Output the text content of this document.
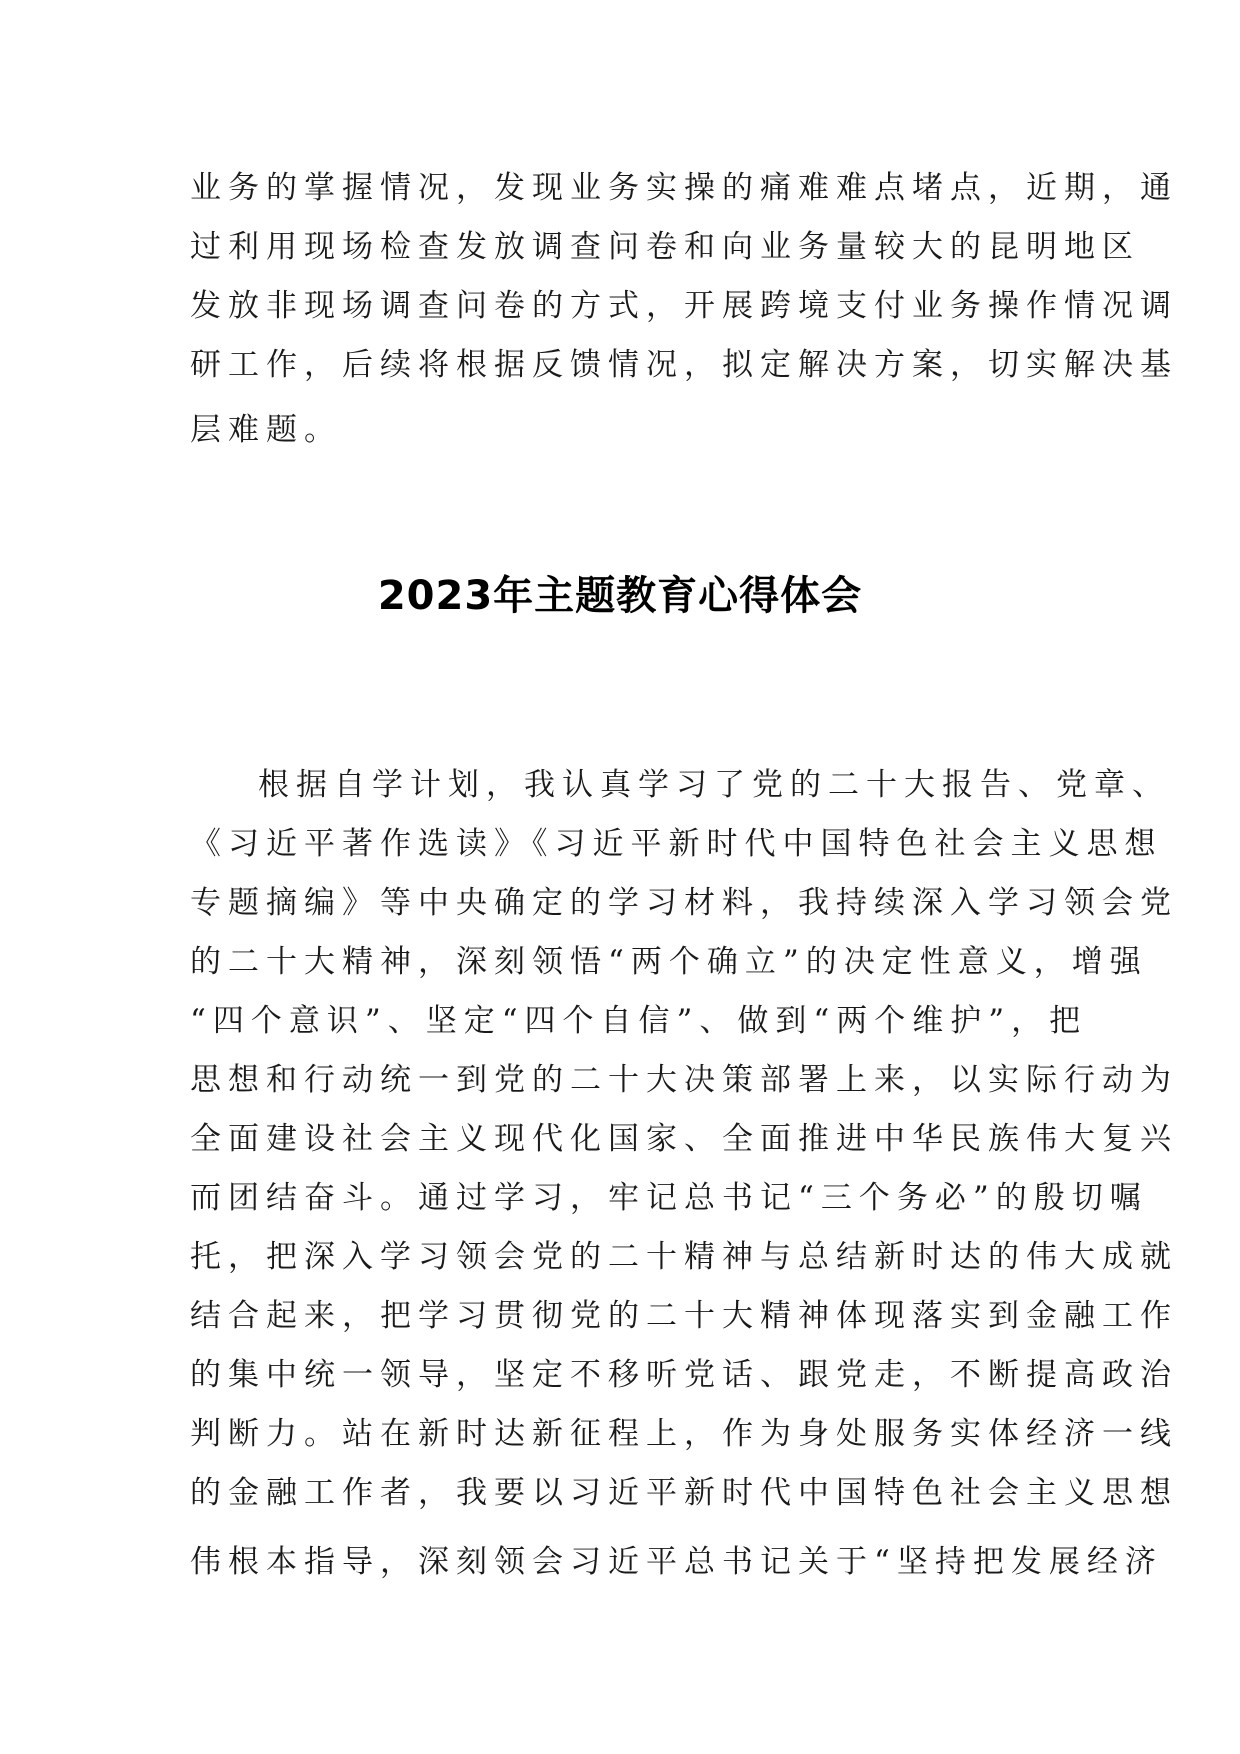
业务的掌握情况，发现业务实操的痛难难点堵点，近期，通
过利用现场检查发放调查问卷和向业务量较大的昆明地区
发放非现场调查问卷的方式，开展跨境支付业务操作情况调
研工作，后续将根据反馈情况，拟定解决方案，切实解决基
层难题。
2023年主题教育心得体会
根据自学计划，我认真学习了党的二十大报告、党章、
《习近平著作选读》《习近平新时代中国特色社会主义思想
专题摘编》等中央确定的学习材料，我持续深入学习领会党
的二十大精神，深刻领悟“两个确立”的决定性意义，增强
“四个意识”、坚定“四个自信”、做到“两个维护”，把
思想和行动统一到党的二十大决策部署上来，以实际行动为
全面建设社会主义现代化国家、全面推进中华民族伟大复兴
而团结奋斗。通过学习，牢记总书记“三个务必”的殷切嘱
托，把深入学习领会党的二十精神与总结新时达的伟大成就
结合起来，把学习贯彻党的二十大精神体现落实到金融工作
的集中统一领导，坚定不移听党话、跟党走，不断提高政治
判断力。站在新时达新征程上，作为身处服务实体经济一线
的金融工作者，我要以习近平新时代中国特色社会主义思想
伟根本指导，深刻领会习近平总书记关于“坚持把发展经济
